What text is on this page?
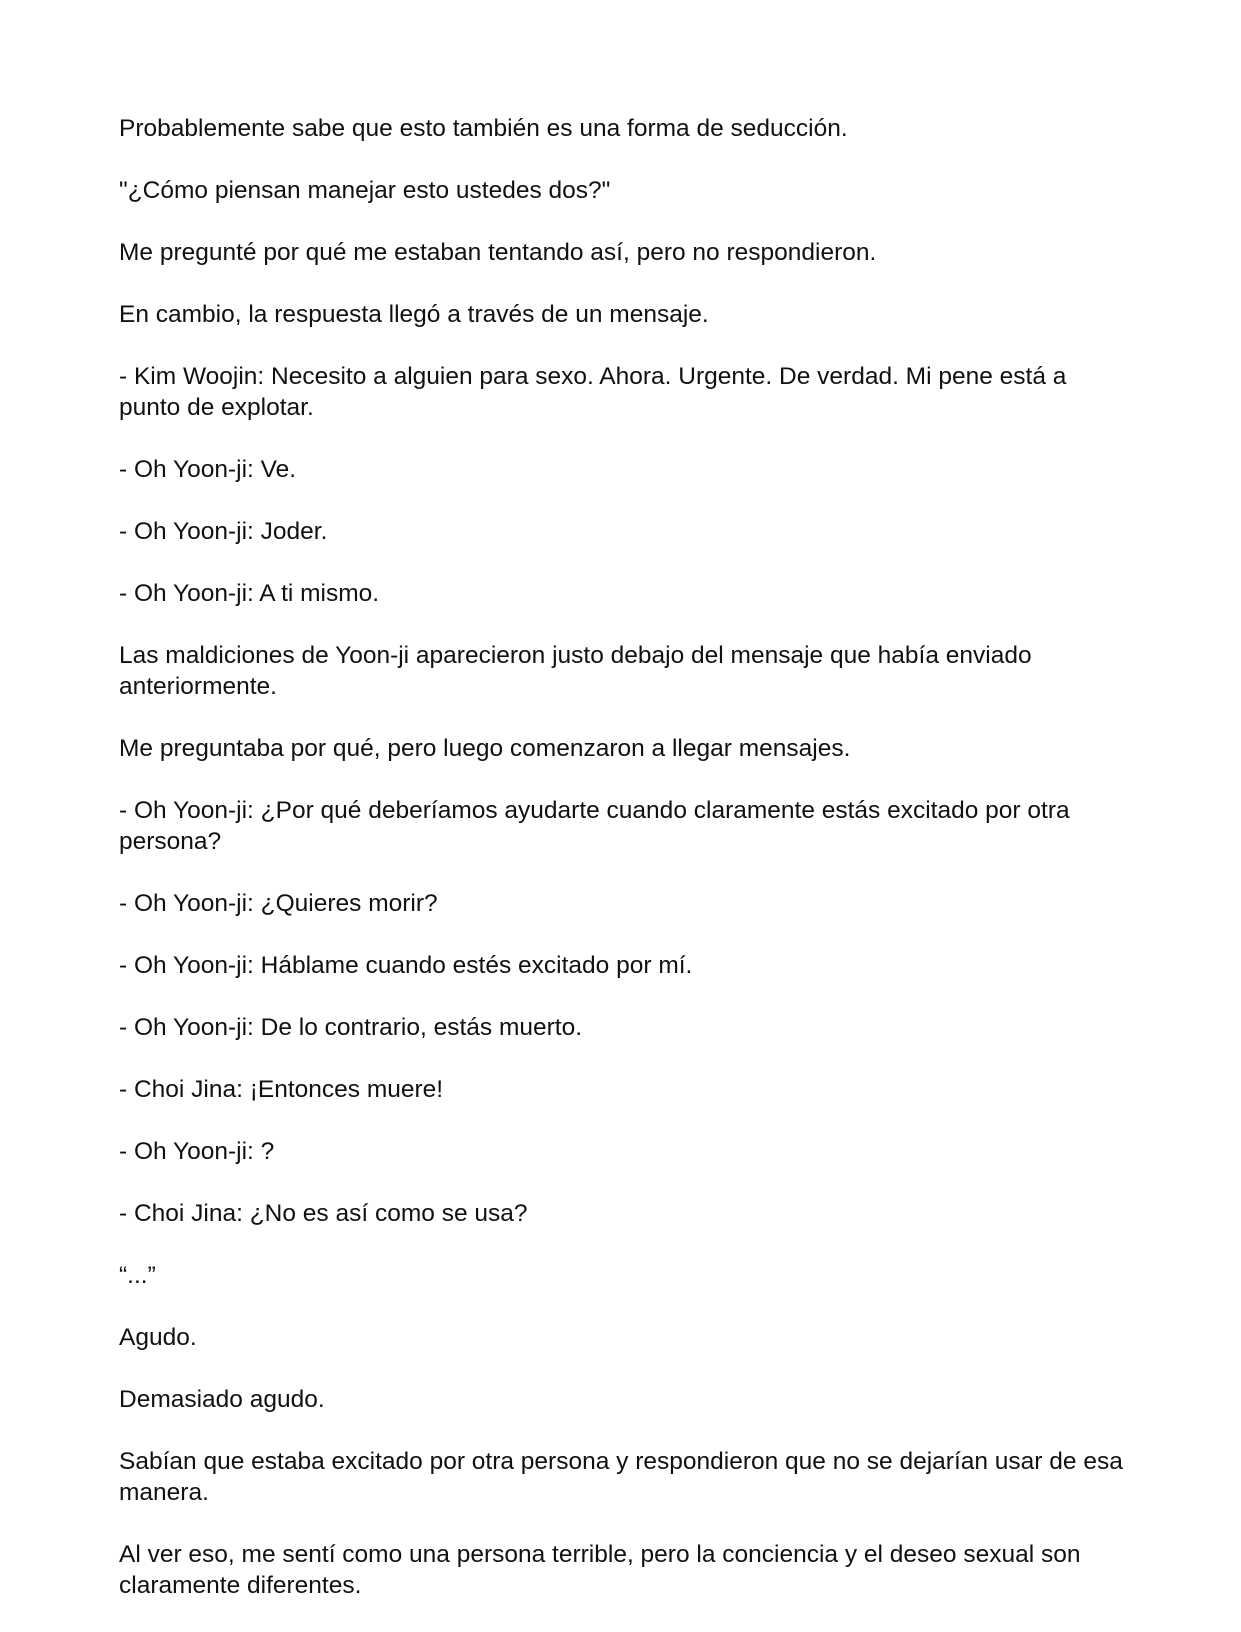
Probablemente sabe que esto también es una forma de seducción.

"¿Cómo piensan manejar esto ustedes dos?"

Me pregunté por qué me estaban tentando así, pero no respondieron.

En cambio, la respuesta llegó a través de un mensaje.

- Kim Woojin: Necesito a alguien para sexo. Ahora. Urgente. De verdad. Mi pene está a punto de explotar.

- Oh Yoon-ji: Ve.

- Oh Yoon-ji: Joder.

- Oh Yoon-ji: A ti mismo.

Las maldiciones de Yoon-ji aparecieron justo debajo del mensaje que había enviado anteriormente.

Me preguntaba por qué, pero luego comenzaron a llegar mensajes.

- Oh Yoon-ji: ¿Por qué deberíamos ayudarte cuando claramente estás excitado por otra persona?

- Oh Yoon-ji: ¿Quieres morir?

- Oh Yoon-ji: Háblame cuando estés excitado por mí.

- Oh Yoon-ji: De lo contrario, estás muerto.

- Choi Jina: ¡Entonces muere!

- Oh Yoon-ji: ?

- Choi Jina: ¿No es así como se usa?

“...”

Agudo.

Demasiado agudo.

Sabían que estaba excitado por otra persona y respondieron que no se dejarían usar de esa manera.

Al ver eso, me sentí como una persona terrible, pero la conciencia y el deseo sexual son claramente diferentes.
